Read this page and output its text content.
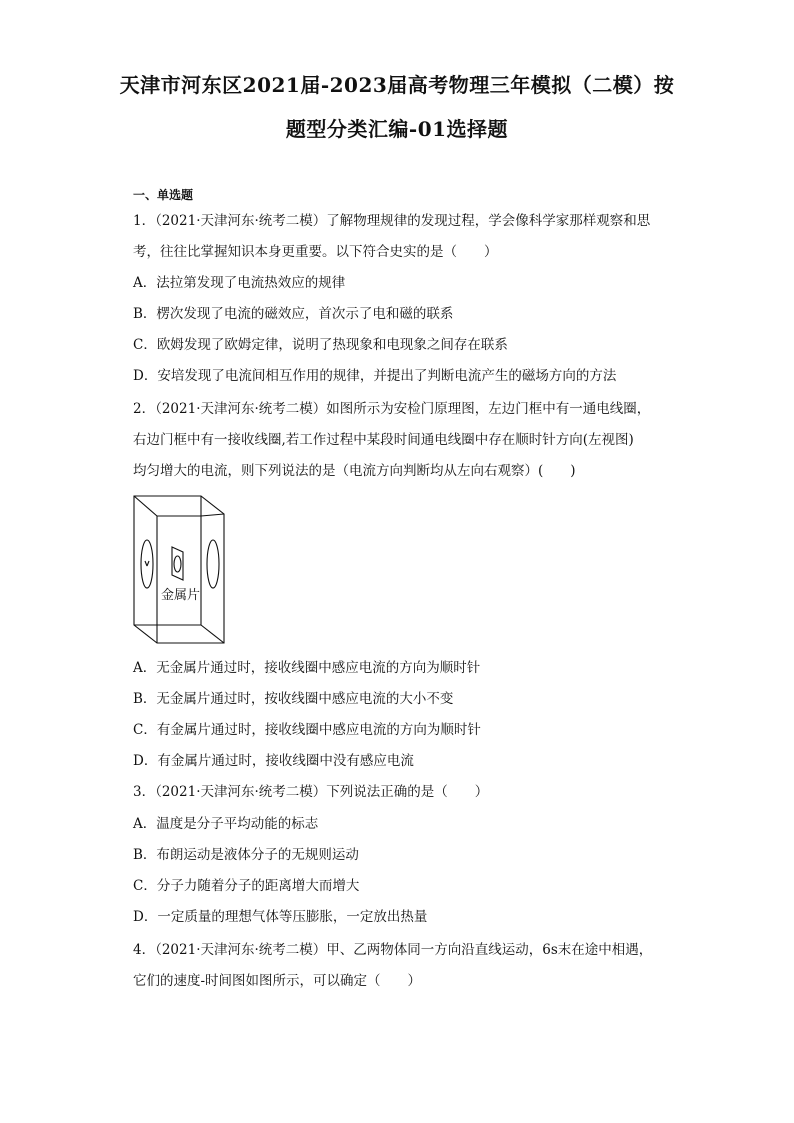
天津市河东区2021届-2023届高考物理三年模拟（二模）按
题型分类汇编-01选择题
一、单选题
1．（2021·天津河东·统考二模）了解物理规律的发现过程，学会像科学家那样观察和思
考，往往比掌握知识本身更重要。以下符合史实的是（　　）
A．法拉第发现了电流热效应的规律
B．楞次发现了电流的磁效应，首次示了电和磁的联系
C．欧姆发现了欧姆定律，说明了热现象和电现象之间存在联系
D．安培发现了电流间相互作用的规律，并提出了判断电流产生的磁场方向的方法
2．（2021·天津河东·统考二模）如图所示为安检门原理图，左边门框中有一通电线圈，
右边门框中有一接收线圈,若工作过程中某段时间通电线圈中存在顺时针方向(左视图)
均匀增大的电流，则下列说法的是（电流方向判断均从左向右观察）(　　)
金属片
A．无金属片通过时，接收线圈中感应电流的方向为顺时针
B．无金属片通过时，按收线圈中感应电流的大小不变
C．有金属片通过时，接收线圈中感应电流的方向为顺时针
D．有金属片通过时，接收线圈中没有感应电流
3．（2021·天津河东·统考二模）下列说法正确的是（　　）
A．温度是分子平均动能的标志
B．布朗运动是液体分子的无规则运动
C．分子力随着分子的距离增大而增大
D．一定质量的理想气体等压膨胀，一定放出热量
4．（2021·天津河东·统考二模）甲、乙两物体同一方向沿直线运动，6s末在途中相遇，
它们的速度-时间图如图所示，可以确定（　　）
